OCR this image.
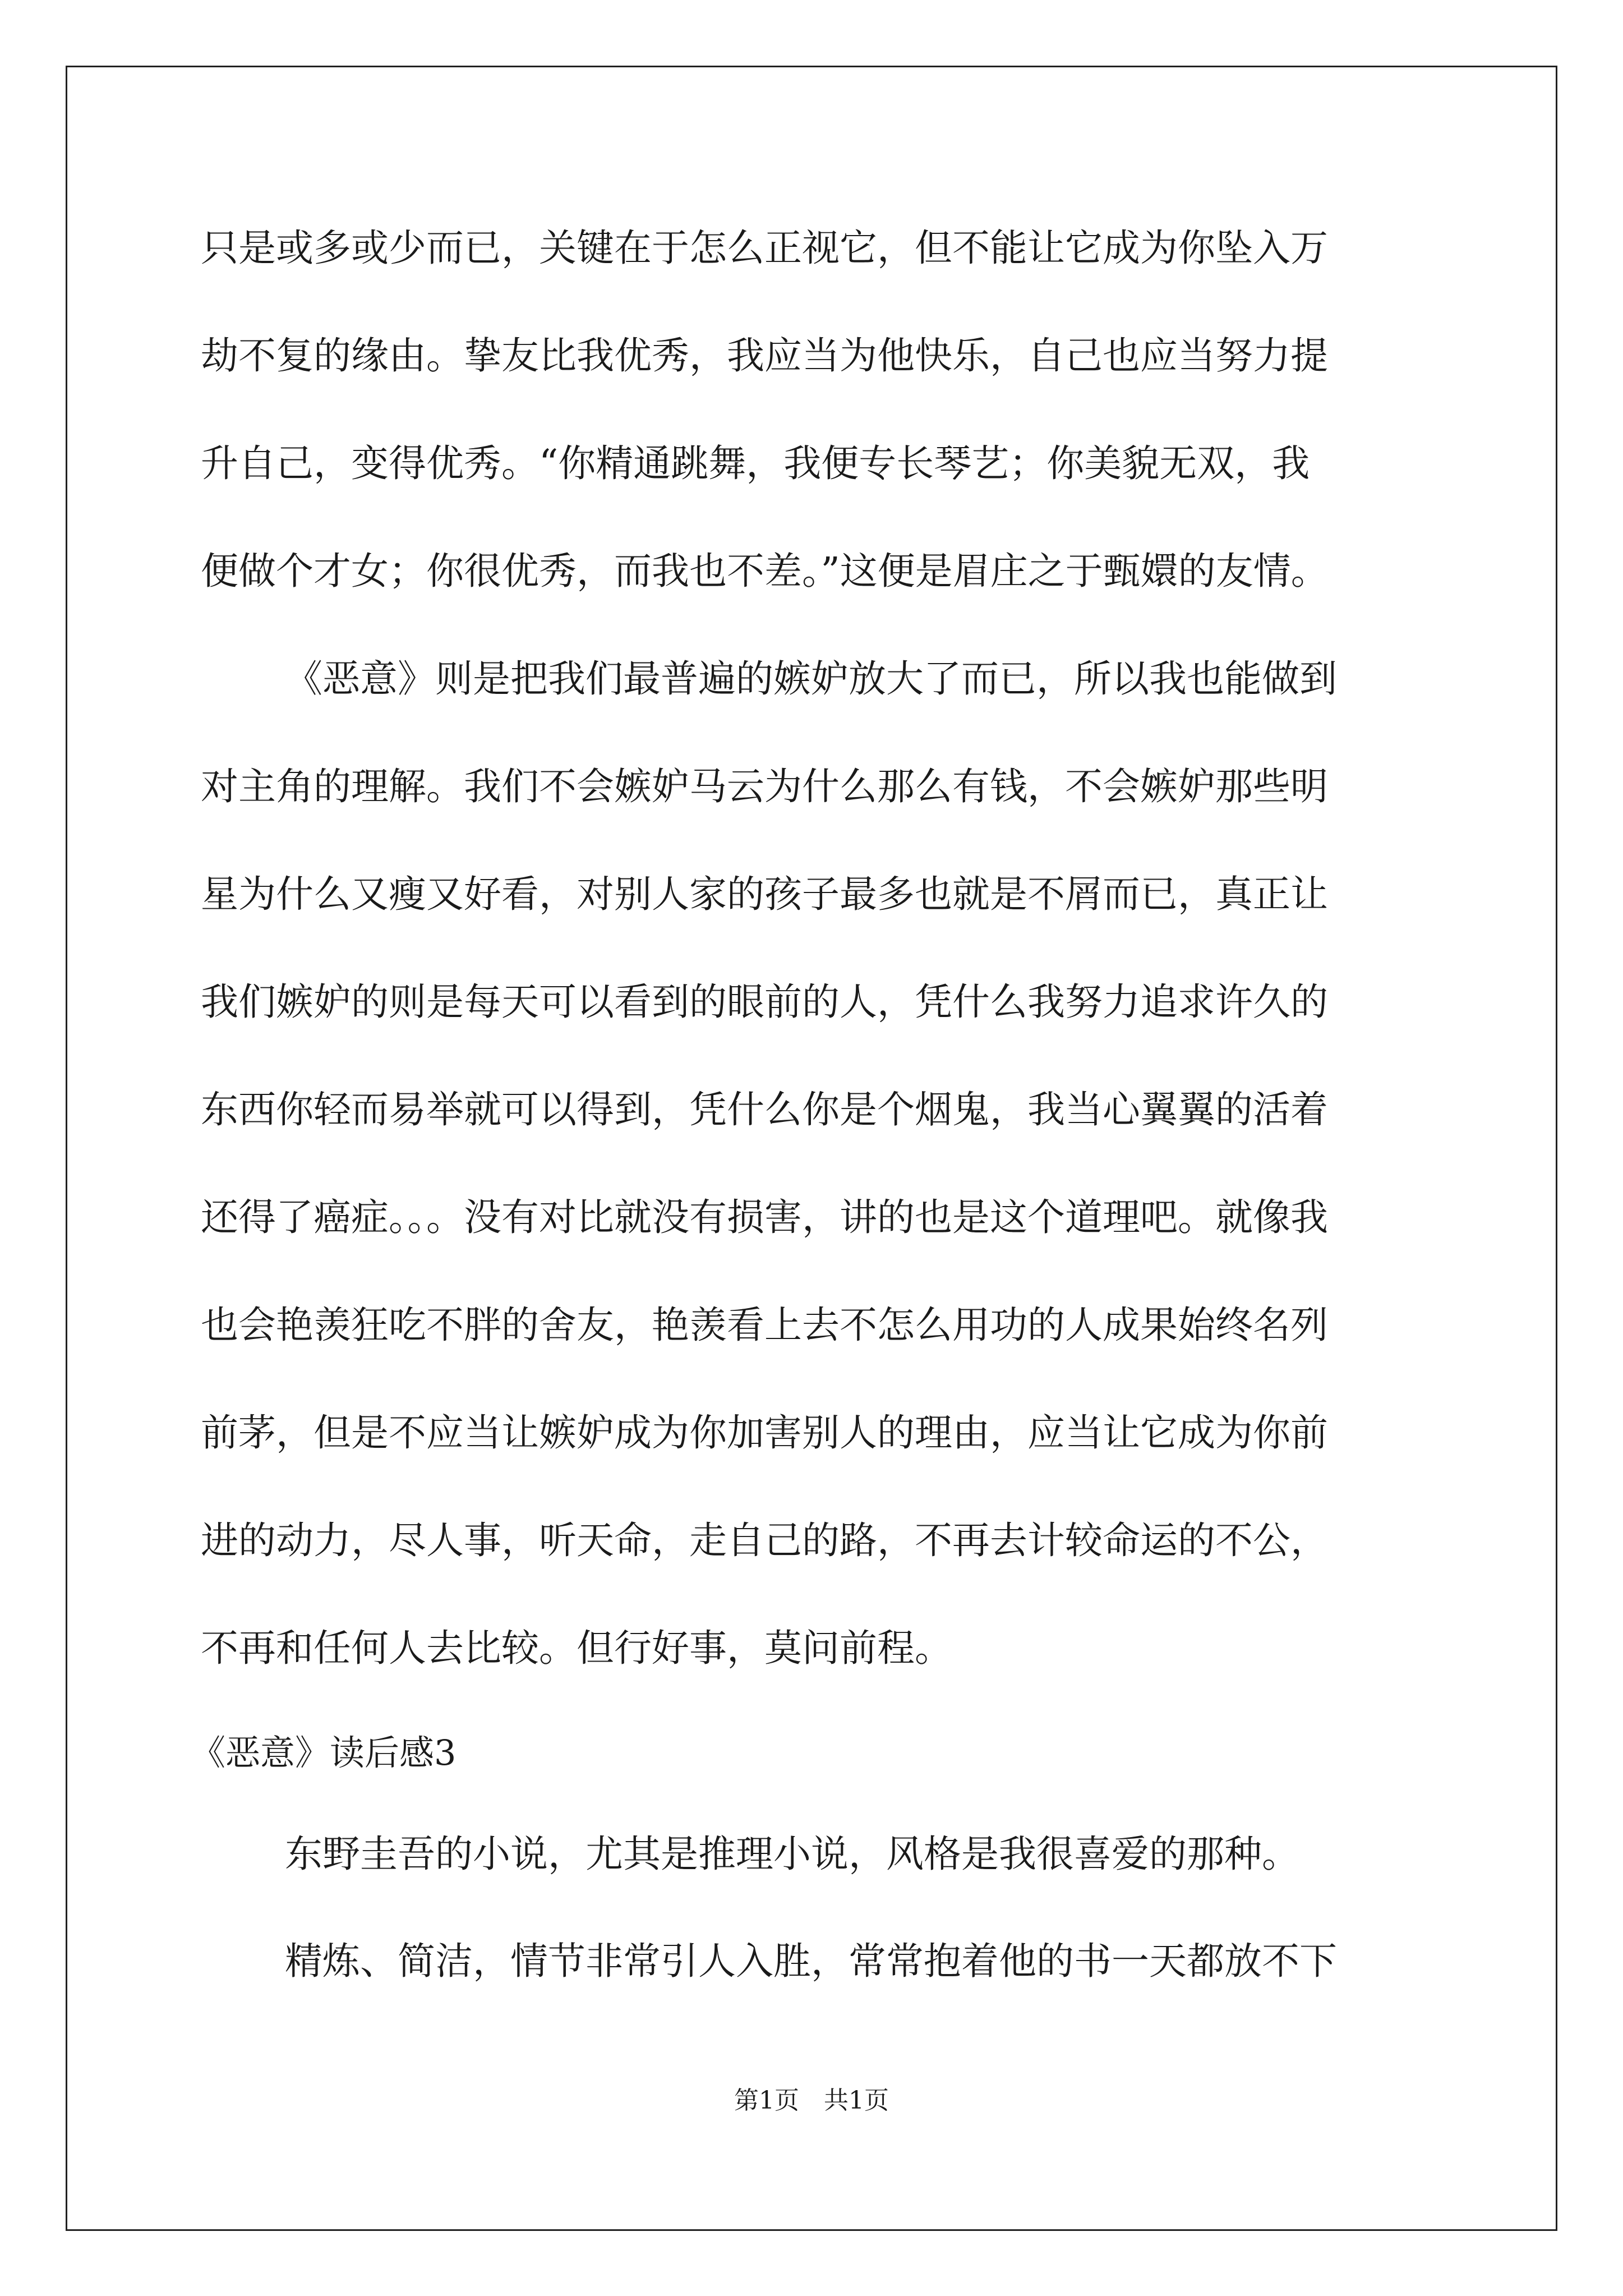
只是或多或少而已，关键在于怎么正视它，但不能让它成为你坠入万
劫不复的缘由。挚友比我优秀，我应当为他快乐，自己也应当努力提
升自己，变得优秀。“你精通跳舞，我便专长琴艺；你美貌无双，我
便做个才女；你很优秀，而我也不差。”这便是眉庄之于甄嬛的友情。
《恶意》则是把我们最普遍的嫉妒放大了而已，所以我也能做到
对主角的理解。我们不会嫉妒马云为什么那么有钱，不会嫉妒那些明
星为什么又瘦又好看，对别人家的孩子最多也就是不屑而已，真正让
我们嫉妒的则是每天可以看到的眼前的人，凭什么我努力追求许久的
东西你轻而易举就可以得到，凭什么你是个烟鬼，我当心翼翼的活着
还得了癌症。。。没有对比就没有损害，讲的也是这个道理吧。就像我
也会艳羡狂吃不胖的舍友，艳羡看上去不怎么用功的人成果始终名列
前茅，但是不应当让嫉妒成为你加害别人的理由，应当让它成为你前
进的动力，尽人事，听天命，走自己的路，不再去计较命运的不公，
不再和任何人去比较。但行好事，莫问前程。
《恶意》读后感3
东野圭吾的小说，尤其是推理小说，风格是我很喜爱的那种。
精炼、简洁，情节非常引人入胜，常常抱着他的书一天都放不下
第1页　共1页
